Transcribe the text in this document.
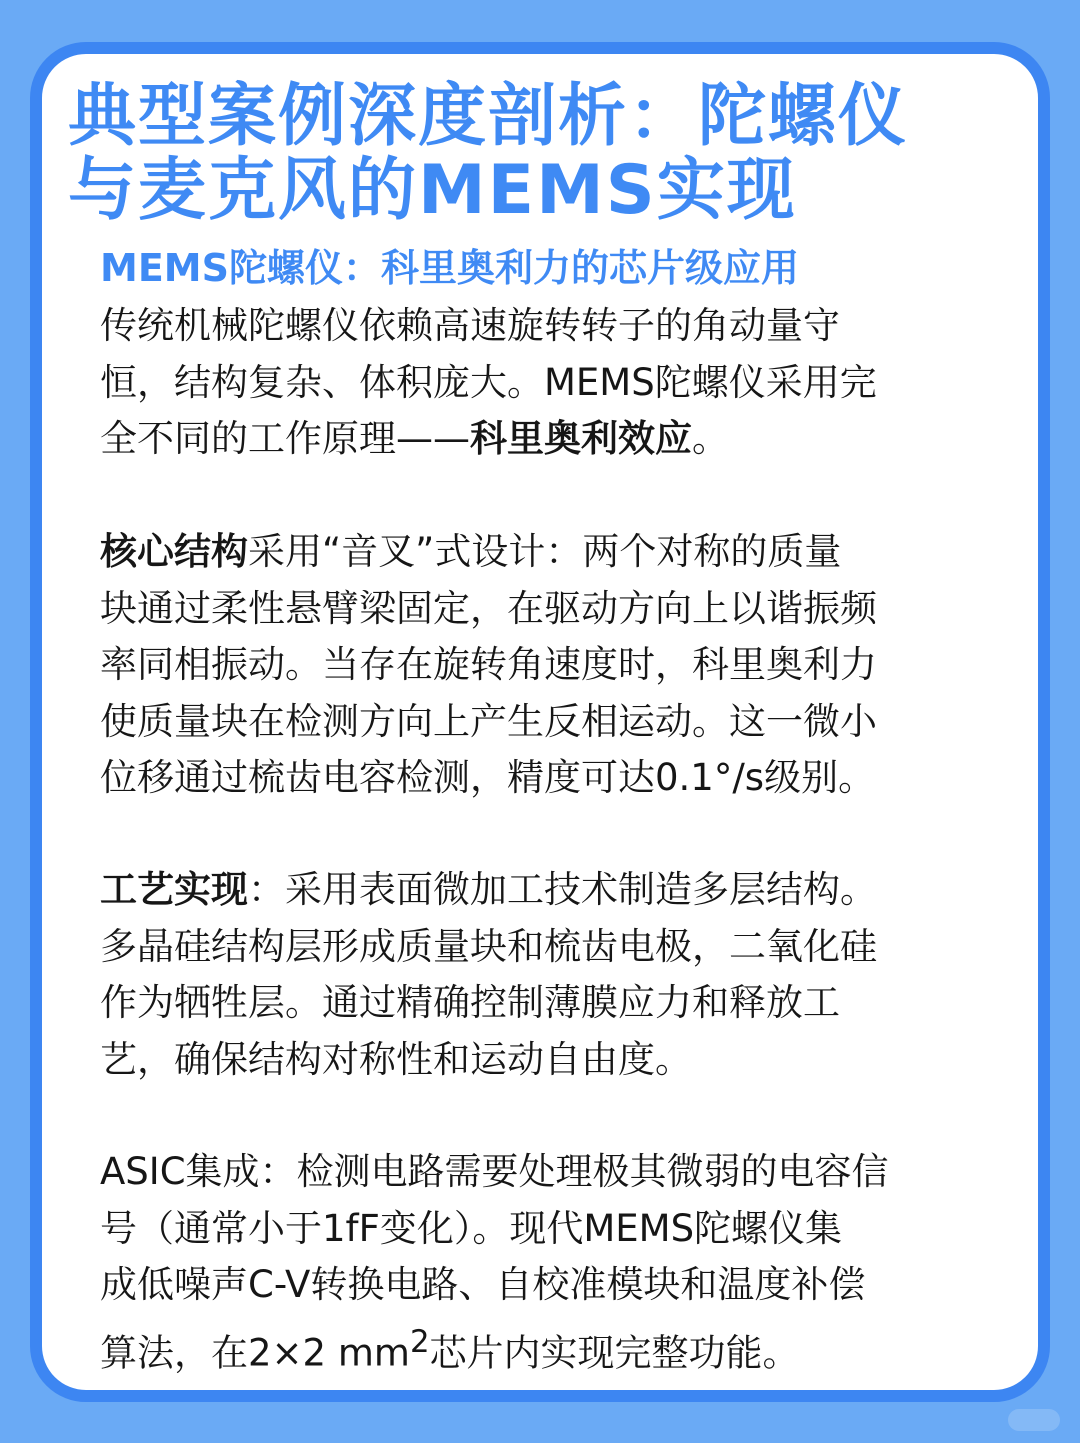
典型案例深度剖析：陀螺仪
与麦克风的MEMS实现
MEMS陀螺仪：科里奥利力的芯片级应用
传统机械陀螺仪依赖高速旋转转子的角动量守
恒，结构复杂、体积庞大。MEMS陀螺仪采用完
全不同的工作原理——科里奥利效应。
核心结构采用“音叉”式设计：两个对称的质量
块通过柔性悬臂梁固定，在驱动方向上以谐振频
率同相振动。当存在旋转角速度时，科里奥利力
使质量块在检测方向上产生反相运动。这一微小
位移通过梳齿电容检测，精度可达0.1°/s级别。
工艺实现：采用表面微加工技术制造多层结构。
多晶硅结构层形成质量块和梳齿电极，二氧化硅
作为牺牲层。通过精确控制薄膜应力和释放工
艺，确保结构对称性和运动自由度。
ASIC集成：检测电路需要处理极其微弱的电容信
号（通常小于1fF变化）。现代MEMS陀螺仪集
成低噪声C-V转换电路、自校准模块和温度补偿
算法，在2×2 $mm^2$芯片内实现完整功能。
